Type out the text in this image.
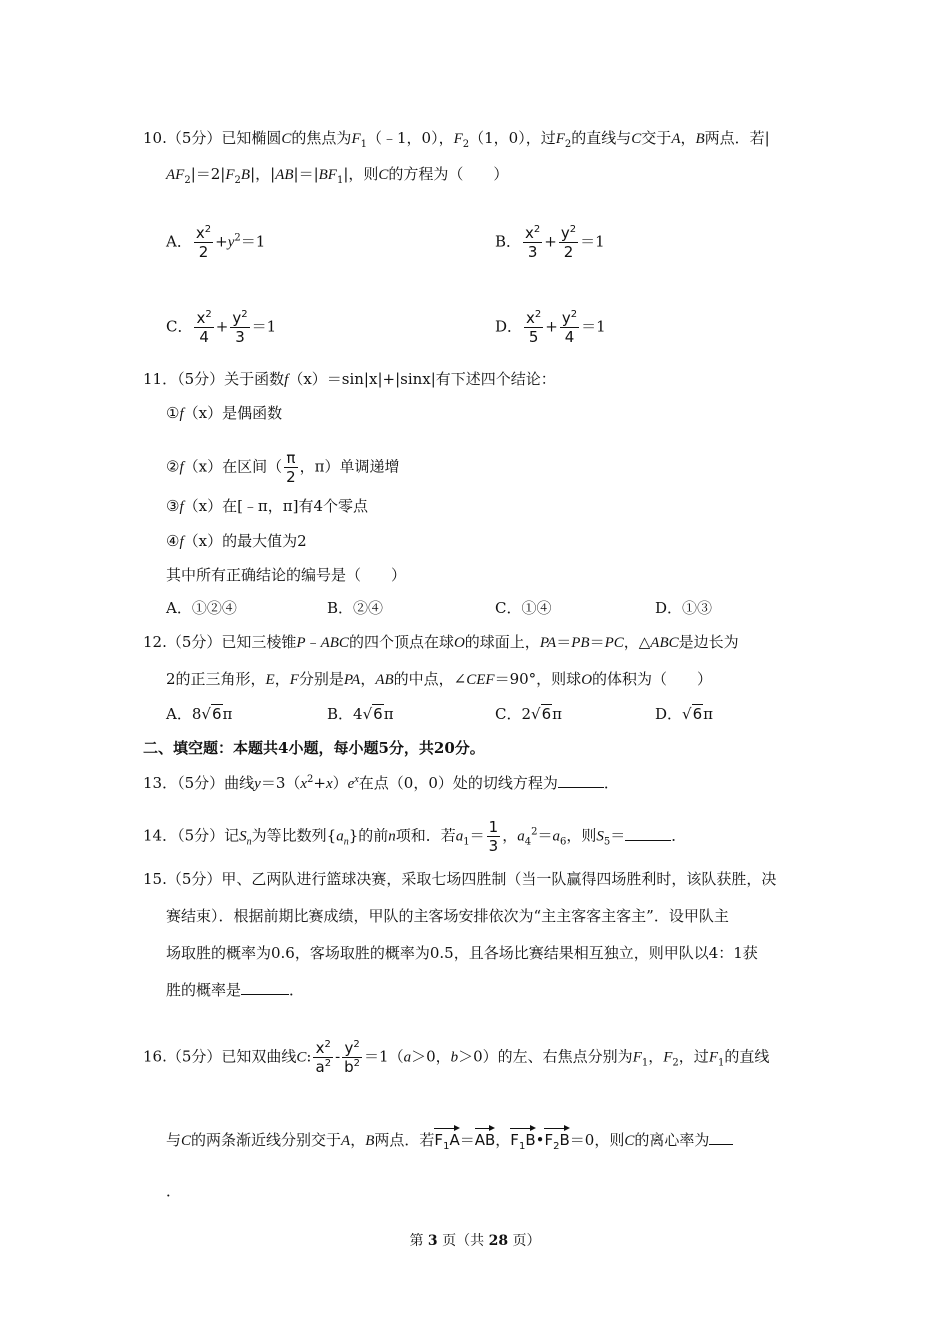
10.（5分）已知椭圆C的焦点为$F_1(﹣1$，0），$F_2(1$，0），过$F_2$的直线与C交于A，B两点．若|
$AF_2|=2|F_2B|$，$|AB|=|BF_1|$，则C的方程为（　　）
A． $\frac{x^2}{2} +y^2=1$	B． $\frac{x^2}{3} + \frac{y^2}{2} =1$
C． $\frac{x^2}{4} + \frac{y^2}{3} =1$	D． $\frac{x^2}{5} + \frac{y^2}{4} =1$
11．（5分）关于函数f（x）＝sin|x|+|sinx|有下述四个结论：
①f（x）是偶函数
②f（x）在区间（ $\frac{\pi}{2}$ ，π）单调递增
③f（x）在[﹣π，π]有4个零点
④f（x）的最大值为2
其中所有正确结论的编号是（　　）
A．①②④	B．②④	C．①④	D．①③
12.（5分）已知三棱锥P﹣ABC的四个顶点在球O的球面上，PA＝PB＝PC，△ABC是边长为
2的正三角形，E，F分别是PA，AB的中点，∠CEF＝90°，则球O的体积为（　　）
A．8√6π	B．4√6π	C．2√6π	D．√6π
二、填空题：本题共4小题，每小题5分，共20分。
13．（5分）曲线$y=3(x^2+x)e^x$在点（0，0）处的切线方程为	．
14．（5分）记$S_n$为等比数列$\{a_n\}$的前n项和．若$a_1= \frac{1}{3}$ ，$a_4^2=a_6$，则$S_5=$	．
15.（5分）甲、乙两队进行篮球决赛，采取七场四胜制（当一队赢得四场胜利时，该队获胜，决
赛结束）．根据前期比赛成绩，甲队的主客场安排依次为“主主客客主客主”．设甲队主
场取胜的概率为0.6，客场取胜的概率为0.5，且各场比赛结果相互独立，则甲队以4：1获
胜的概率是	．
16.（5分）已知双曲线C: $\frac{x^2}{a^2} - \frac{y^2}{b^2} =1(a>0$，b＞0）的左、右焦点分别为$F_1$，$F_2$，过$F_1$的直线
与C的两条渐近线分别交于A，B两点．若$F_1A=AB$，$F_1B•F_2B=0$，则C的离心率为
．
第 3 页（共 28 页）
